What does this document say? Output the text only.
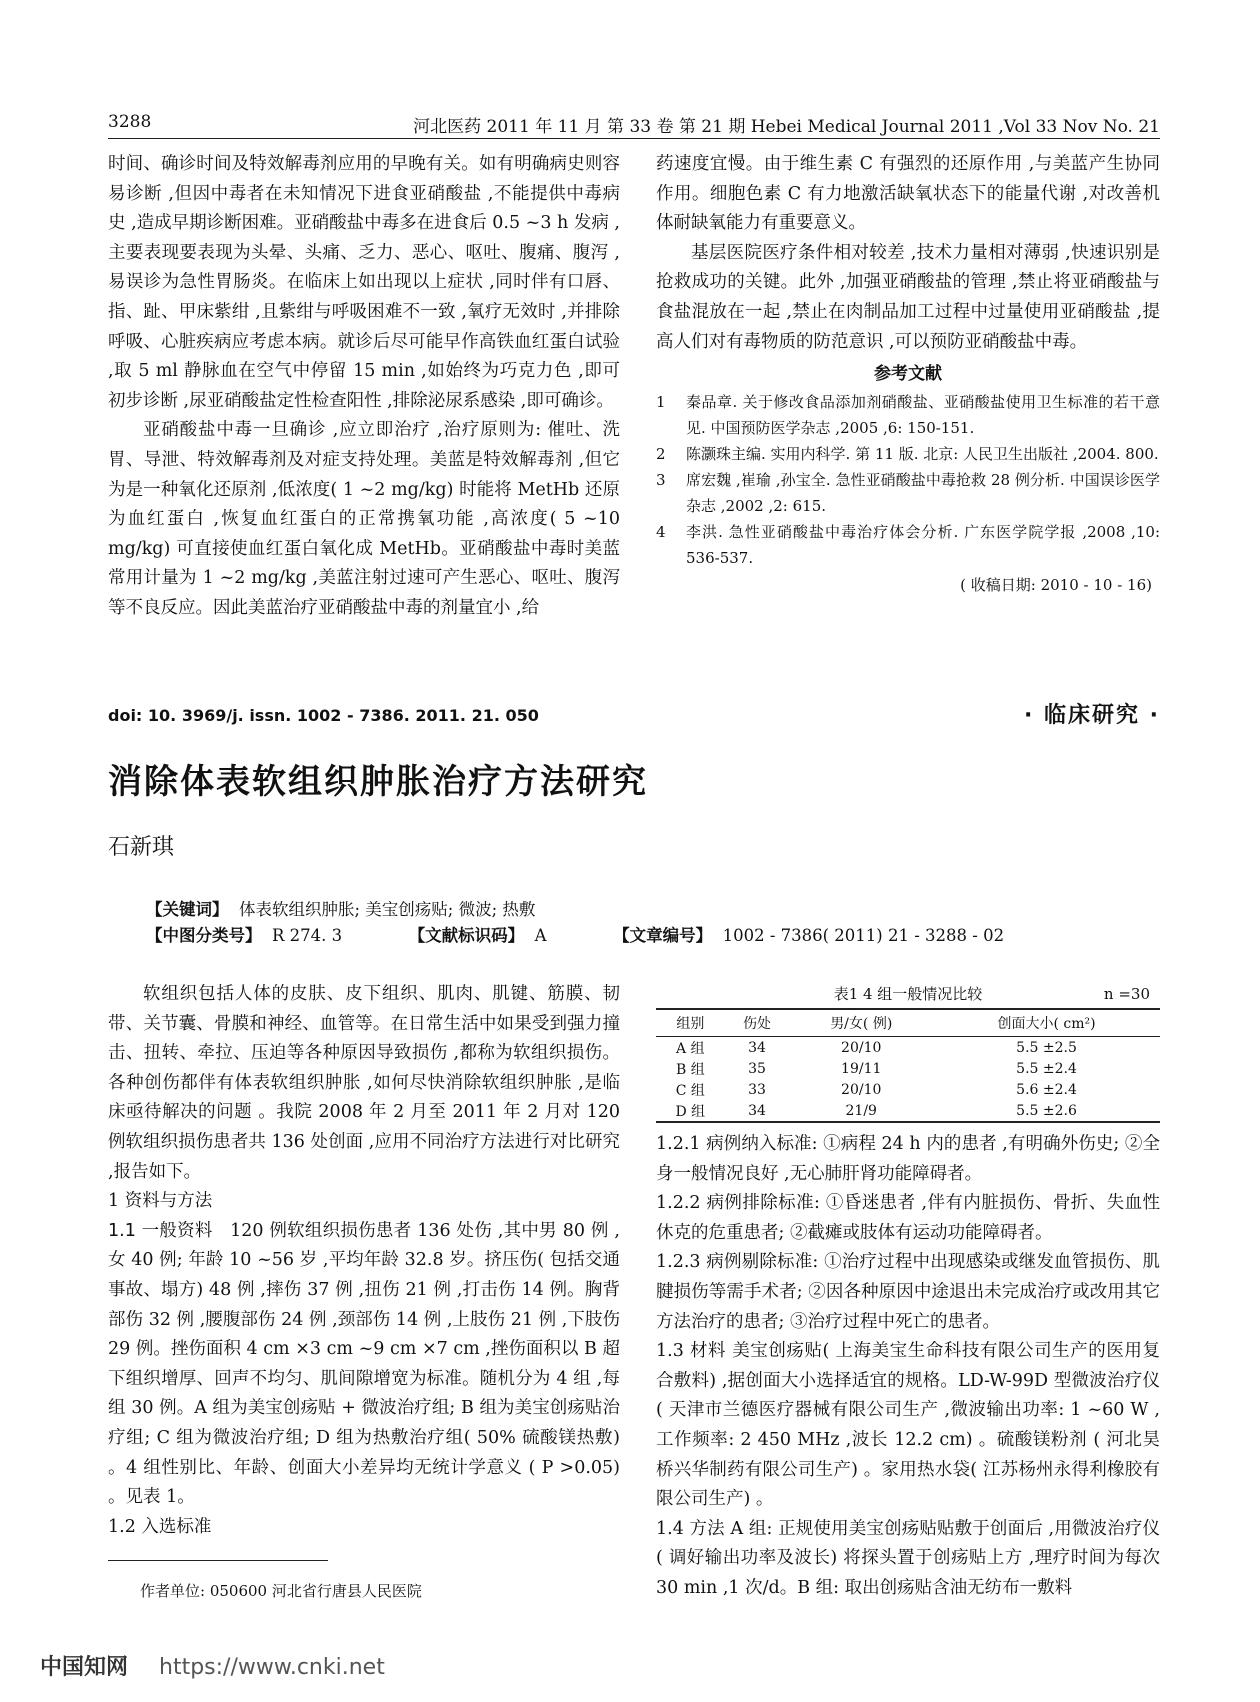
3288	河北医药 2011 年 11 月 第 33 卷 第 21 期 Hebei Medical Journal 2011 ,Vol 33 Nov No. 21

时间、确诊时间及特效解毒剂应用的早晚有关。如有明确病史则容易诊断 ,但因中毒者在未知情况下进食亚硝酸盐 ,不能提供中毒病史 ,造成早期诊断困难。亚硝酸盐中毒多在进食后 0.5 ~3 h 发病 ,主要表现要表现为头晕、头痛、乏力、恶心、呕吐、腹痛、腹泻 ,易误诊为急性胃肠炎。在临床上如出现以上症状 ,同时伴有口唇、指、趾、甲床紫绀 ,且紫绀与呼吸困难不一致 ,氧疗无效时 ,并排除呼吸、心脏疾病应考虑本病。就诊后尽可能早作高铁血红蛋白试验 ,取 5 ml 静脉血在空气中停留 15 min ,如始终为巧克力色 ,即可初步诊断 ,尿亚硝酸盐定性检查阳性 ,排除泌尿系感染 ,即可确诊。

亚硝酸盐中毒一旦确诊 ,应立即治疗 ,治疗原则为: 催吐、洗胃、导泄、特效解毒剂及对症支持处理。美蓝是特效解毒剂 ,但它为是一种氧化还原剂 ,低浓度( 1 ~2 mg/kg) 时能将 MetHb 还原为血红蛋白 ,恢复血红蛋白的正常携氧功能 ,高浓度( 5 ~10 mg/kg) 可直接使血红蛋白氧化成 MetHb。亚硝酸盐中毒时美蓝常用计量为 1 ~2 mg/kg ,美蓝注射过速可产生恶心、呕吐、腹泻等不良反应。因此美蓝治疗亚硝酸盐中毒的剂量宜小 ,给

药速度宜慢。由于维生素 C 有强烈的还原作用 ,与美蓝产生协同作用。细胞色素 C 有力地激活缺氧状态下的能量代谢 ,对改善机体耐缺氧能力有重要意义。

基层医院医疗条件相对较差 ,技术力量相对薄弱 ,快速识别是抢救成功的关键。此外 ,加强亚硝酸盐的管理 ,禁止将亚硝酸盐与食盐混放在一起 ,禁止在肉制品加工过程中过量使用亚硝酸盐 ,提高人们对有毒物质的防范意识 ,可以预防亚硝酸盐中毒。

参考文献
1	秦品章. 关于修改食品添加剂硝酸盐、亚硝酸盐使用卫生标准的若干意见. 中国预防医学杂志 ,2005 ,6: 150-151.
2	陈灏珠主编. 实用内科学. 第 11 版. 北京: 人民卫生出版社 ,2004. 800.
3	席宏魏 ,崔瑜 ,孙宝全. 急性亚硝酸盐中毒抢救 28 例分析. 中国误诊医学杂志 ,2002 ,2: 615.
4	李洪. 急性亚硝酸盐中毒治疗体会分析. 广东医学院学报 ,2008 ,10: 536-537.
( 收稿日期: 2010 - 10 - 16)
doi: 10. 3969/j. issn. 1002 - 7386. 2011. 21. 050	· 临床研究 ·
消除体表软组织肿胀治疗方法研究
石新琪
【关键词】 体表软组织肿胀; 美宝创疡贴; 微波; 热敷
【中图分类号】 R 274. 3	【文献标识码】 A	【文章编号】 1002 - 7386( 2011) 21 - 3288 - 02

软组织包括人体的皮肤、皮下组织、肌肉、肌键、筋膜、韧带、关节囊、骨膜和神经、血管等。在日常生活中如果受到强力撞击、扭转、牵拉、压迫等各种原因导致损伤 ,都称为软组织损伤。各种创伤都伴有体表软组织肿胀 ,如何尽快消除软组织肿胀 ,是临床亟待解决的问题 。我院 2008 年 2 月至 2011 年 2 月对 120 例软组织损伤患者共 136 处创面 ,应用不同治疗方法进行对比研究 ,报告如下。

1 资料与方法

1.1 一般资料 120 例软组织损伤患者 136 处伤 ,其中男 80 例 ,女 40 例; 年龄 10 ~56 岁 ,平均年龄 32.8 岁。挤压伤( 包括交通事故、塌方) 48 例 ,摔伤 37 例 ,扭伤 21 例 ,打击伤 14 例。胸背部伤 32 例 ,腰腹部伤 24 例 ,颈部伤 14 例 ,上肢伤 21 例 ,下肢伤 29 例。挫伤面积 4 cm ×3 cm ~9 cm ×7 cm ,挫伤面积以 B 超下组织增厚、回声不均匀、肌间隙增宽为标准。随机分为 4 组 ,每组 30 例。A 组为美宝创疡贴 + 微波治疗组; B 组为美宝创疡贴治疗组; C 组为微波治疗组; D 组为热敷治疗组( 50% 硫酸镁热敷) 。4 组性别比、年龄、创面大小差异均无统计学意义 ( P >0.05) 。见表 1。

1.2 入选标准

表1 4 组一般情况比较	n =30
组别	伤处	男/女( 例)	创面大小( cm²)
A 组	34	20/10	5.5 ±2.5
B 组	35	19/11	5.5 ±2.4
C 组	33	20/10	5.6 ±2.4
D 组	34	21/9	5.5 ±2.6

1.2.1 病例纳入标准: ①病程 24 h 内的患者 ,有明确外伤史; ②全身一般情况良好 ,无心肺肝肾功能障碍者。

1.2.2 病例排除标准: ①昏迷患者 ,伴有内脏损伤、骨折、失血性休克的危重患者; ②截瘫或肢体有运动功能障碍者。

1.2.3 病例剔除标准: ①治疗过程中出现感染或继发血管损伤、肌腱损伤等需手术者; ②因各种原因中途退出未完成治疗或改用其它方法治疗的患者; ③治疗过程中死亡的患者。

1.3 材料 美宝创疡贴( 上海美宝生命科技有限公司生产的医用复合敷料) ,据创面大小选择适宜的规格。LD-W-99D 型微波治疗仪( 天津市兰德医疗器械有限公司生产 ,微波输出功率: 1 ~60 W ,工作频率: 2 450 MHz ,波长 12.2 cm) 。硫酸镁粉剂 ( 河北昊桥兴华制药有限公司生产) 。家用热水袋( 江苏杨州永得利橡胶有限公司生产) 。

1.4 方法 A 组: 正规使用美宝创疡贴贴敷于创面后 ,用微波治疗仪( 调好输出功率及波长) 将探头置于创疡贴上方 ,理疗时间为每次 30 min ,1 次/d。B 组: 取出创疡贴含油无纺布一敷料

作者单位: 050600 河北省行唐县人民医院
中国知网 https://www.cnki.net
